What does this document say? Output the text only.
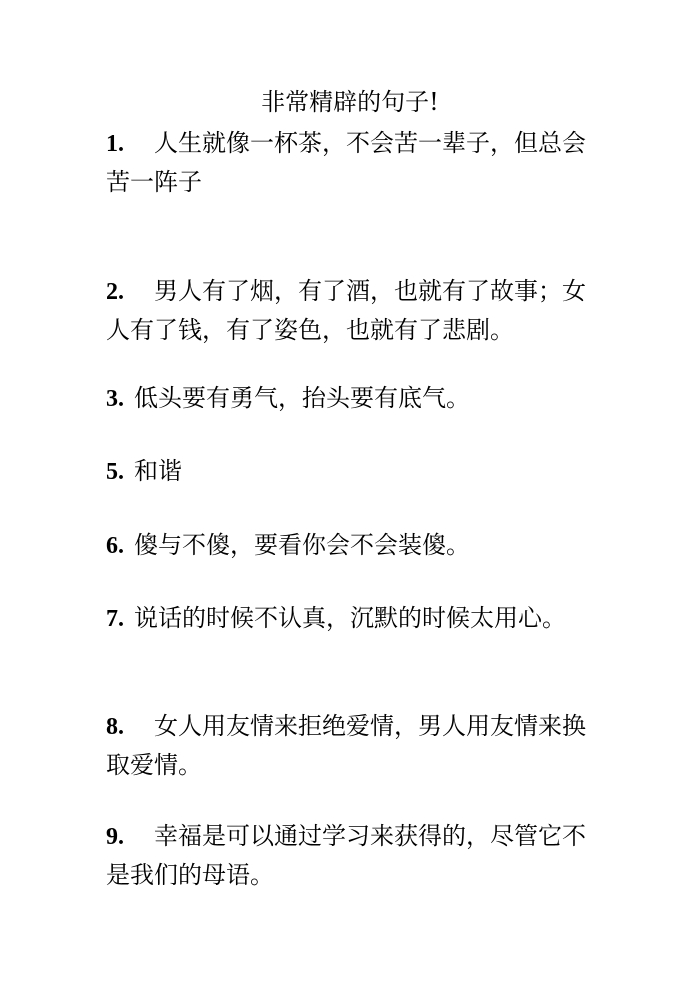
非常精辟的句子!
1. 人生就像一杯茶，不会苦一辈子，但总会苦一阵子
2. 男人有了烟，有了酒，也就有了故事；女人有了钱，有了姿色，也就有了悲剧。
3. 低头要有勇气，抬头要有底气。
5. 和谐
6. 傻与不傻，要看你会不会装傻。
7. 说话的时候不认真，沉默的时候太用心。
8. 女人用友情来拒绝爱情，男人用友情来换取爱情。
9. 幸福是可以通过学习来获得的，尽管它不是我们的母语。
